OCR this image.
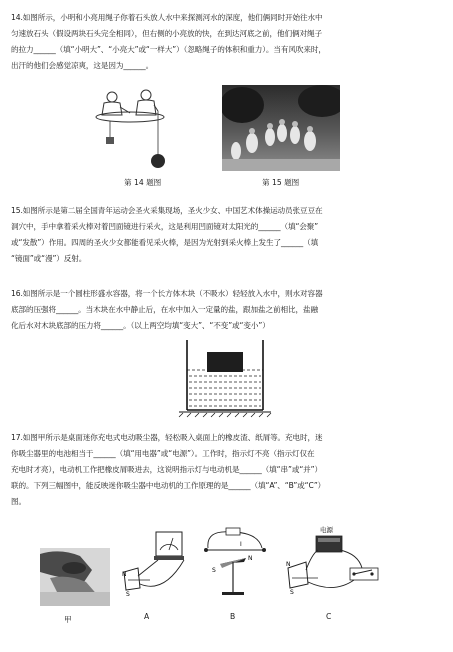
14.如图所示，小明和小亮用绳子你着石头放人水中来探测河水的深度，他们俩同时开始往水中

匀速放石头（假设两块石头完全相同），但右侧的小亮放的快，在到达河底之前，他们俩对绳子

的拉力______（填“小明大”、“小亮大”或“一样大”）（忽略绳子的体积和重力）。当有风吹来时，

出汗的他们会感觉凉爽，这是因为______。

第 14 题图	第 15 题图

15.如图所示是第二届全国青年运动会圣火采集现场，圣火少女、中国艺术体操运动员张豆豆在

洞穴中，手中拿着采火棒对着凹面镜进行采火，这是利用凹面镜对太阳光的______（填“会聚”

或“发散”）作用。四周的圣火少女都能看见采火棒，是因为光射到采火棒上发生了______（填

“镜面”或“漫”）反射。

16.如图所示是一个圆柱形盛水容器，将一个长方体木块（不吸水）轻轻放入水中，则水对容器

底部的压强将______。当木块在水中静止后，在水中加入一定量的盐，跟加盐之前相比，盐融

化后水对木块底部的压力将______。（以上两空均填“变大”、“不变”或“变小”）

17.如图甲所示是桌面迷你充电式电动吸尘器，轻松吸入桌面上的橡皮渣、纸屑等。充电时，迷

你吸尘器里的电池相当于______（填“用电器”或“电源”）。工作时，指示灯不亮（指示灯仅在

充电时才亮），电动机工作把橡皮屑吸进去，这说明指示灯与电动机是______（填“串”或“并”）

联的。下列三幅图中，能反映迷你吸尘器中电动机的工作原理的是______（填“A”、“B”或“C”）

图。

甲
N
S
A
I
N
S
B
电源
N
S
C
